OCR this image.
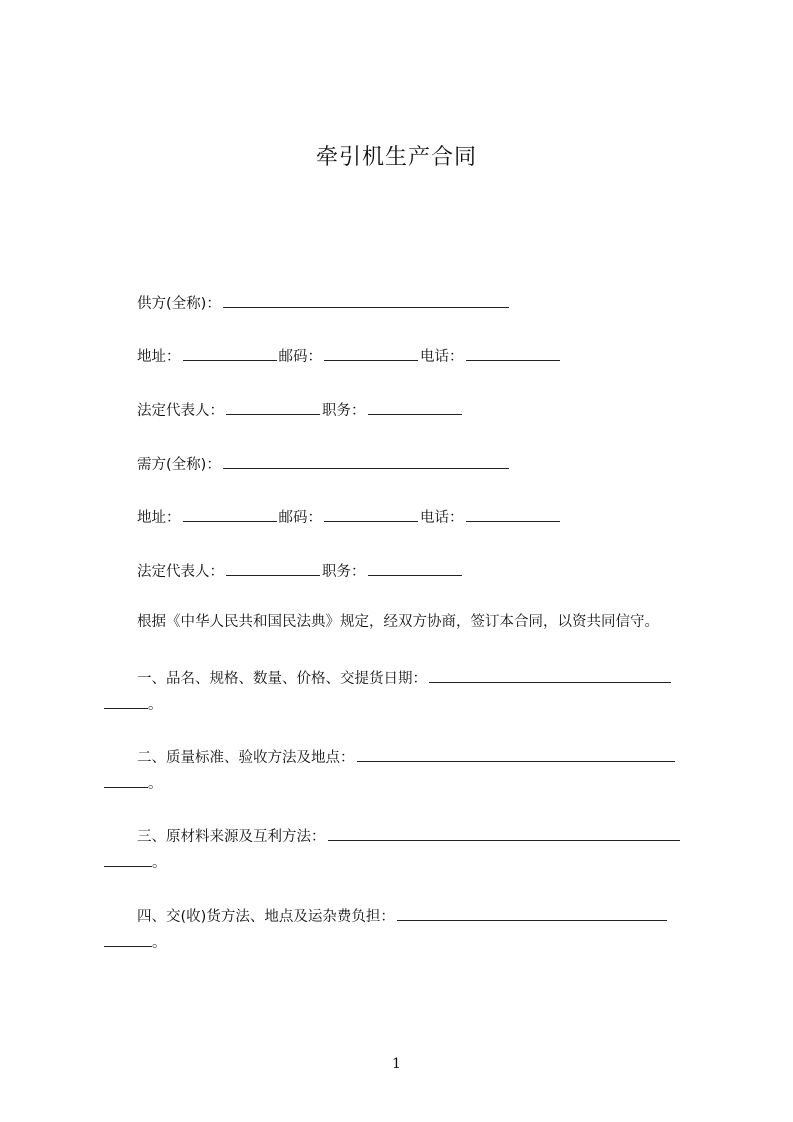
牵引机生产合同
供方(全称)：
地址：	邮码：	电话：
法定代表人：	职务：
需方(全称)：
地址：	邮码：	电话：
法定代表人：	职务：
根据《中华人民共和国民法典》规定，经双方协商，签订本合同，以资共同信守。
一、品名、规格、数量、价格、交提货日期：
。
二、质量标准、验收方法及地点：
。
三、原材料来源及互利方法：
。
四、交(收)货方法、地点及运杂费负担：
。
1
